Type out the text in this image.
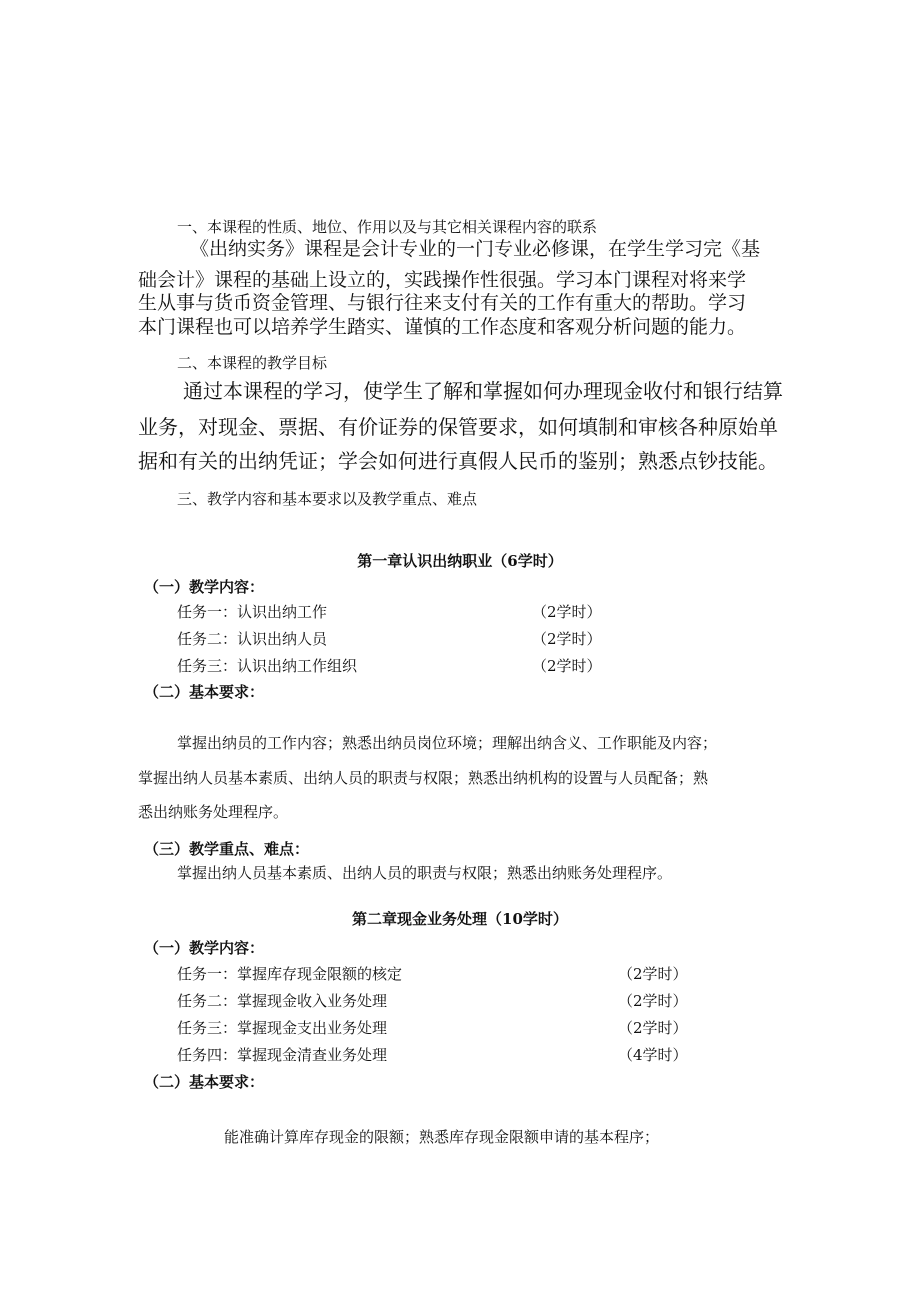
一、本课程的性质、地位、作用以及与其它相关课程内容的联系
《出纳实务》课程是会计专业的一门专业必修课，在学生学习完《基
础会计》课程的基础上设立的，实践操作性很强。学习本门课程对将来学
生从事与货币资金管理、与银行往来支付有关的工作有重大的帮助。学习
本门课程也可以培养学生踏实、谨慎的工作态度和客观分析问题的能力。
二、本课程的教学目标
通过本课程的学习，使学生了解和掌握如何办理现金收付和银行结算
业务，对现金、票据、有价证券的保管要求，如何填制和审核各种原始单
据和有关的出纳凭证；学会如何进行真假人民币的鉴别；熟悉点钞技能。
三、教学内容和基本要求以及教学重点、难点
第一章认识出纳职业（6学时）
（一）教学内容：
任务一：认识出纳工作	（2学时）
任务二：认识出纳人员	（2学时）
任务三：认识出纳工作组织	（2学时）
（二）基本要求：
掌握出纳员的工作内容；熟悉出纳员岗位环境；理解出纳含义、工作职能及内容；
掌握出纳人员基本素质、出纳人员的职责与权限；熟悉出纳机构的设置与人员配备；熟
悉出纳账务处理程序。
（三）教学重点、难点：
掌握出纳人员基本素质、出纳人员的职责与权限；熟悉出纳账务处理程序。
第二章现金业务处理（10学时）
（一）教学内容：
任务一：掌握库存现金限额的核定	（2学时）
任务二：掌握现金收入业务处理	（2学时）
任务三：掌握现金支出业务处理	（2学时）
任务四：掌握现金清查业务处理	（4学时）
（二）基本要求：
能准确计算库存现金的限额；熟悉库存现金限额申请的基本程序；
